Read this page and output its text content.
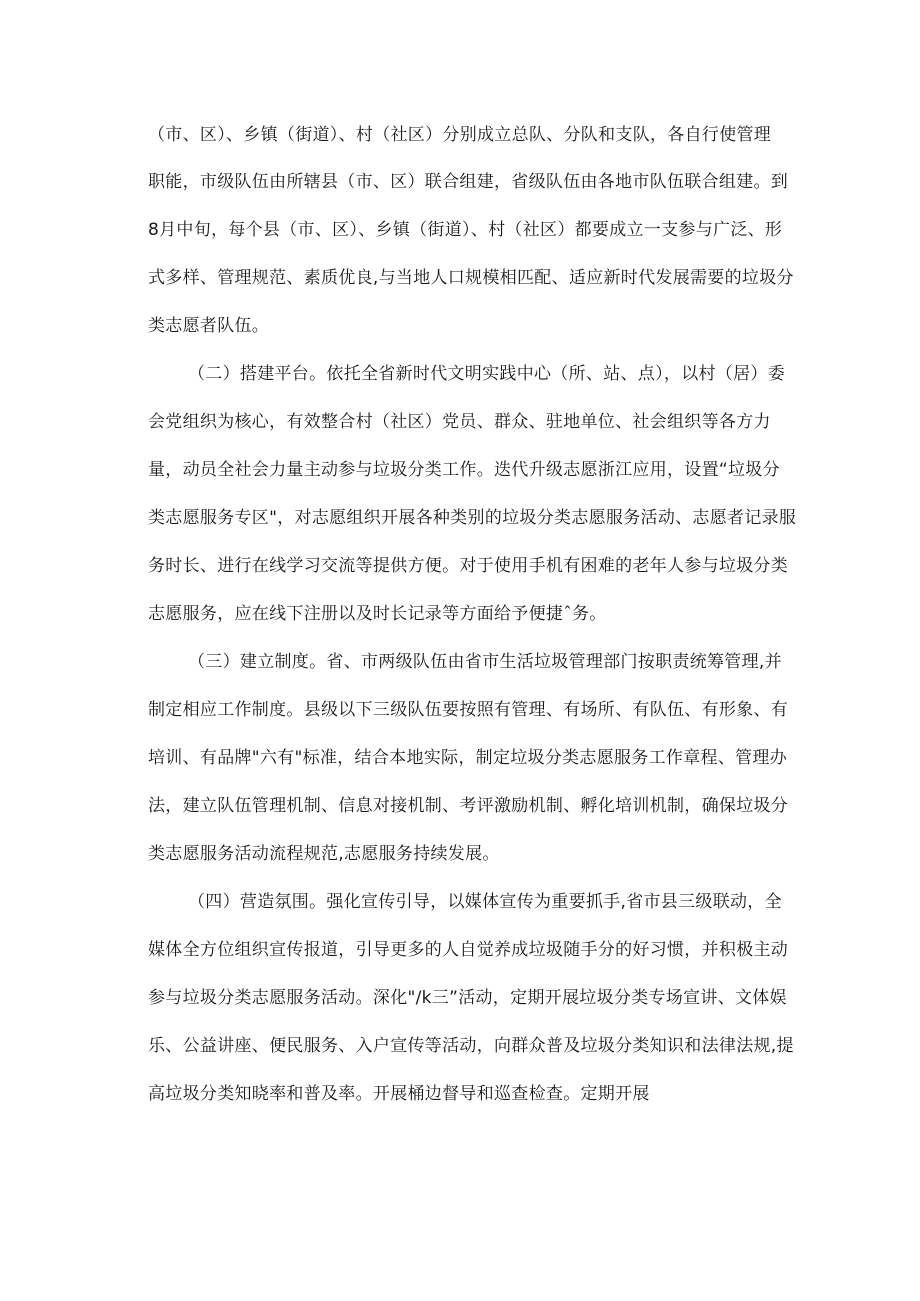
（市、区）、乡镇（街道）、村（社区）分别成立总队、分队和支队，各自行使管理
职能，市级队伍由所辖县（市、区）联合组建，省级队伍由各地市队伍联合组建。到
8月中旬，每个县（市、区）、乡镇（街道）、村（社区）都要成立一支参与广泛、形
式多样、管理规范、素质优良,与当地人口规模相匹配、适应新时代发展需要的垃圾分
类志愿者队伍。
（二）搭建平台。依托全省新时代文明实践中心（所、站、点），以村（居）委
会党组织为核心，有效整合村（社区）党员、群众、驻地单位、社会组织等各方力
量，动员全社会力量主动参与垃圾分类工作。迭代升级志愿浙江应用，设置“垃圾分
类志愿服务专区"，对志愿组织开展各种类别的垃圾分类志愿服务活动、志愿者记录服
务时长、进行在线学习交流等提供方便。对于使用手机有困难的老年人参与垃圾分类
志愿服务，应在线下注册以及时长记录等方面给予便捷ˆ务。
（三）建立制度。省、市两级队伍由省市生活垃圾管理部门按职责统筹管理,并
制定相应工作制度。县级以下三级队伍要按照有管理、有场所、有队伍、有形象、有
培训、有品牌"六有"标准，结合本地实际，制定垃圾分类志愿服务工作章程、管理办
法，建立队伍管理机制、信息对接机制、考评激励机制、孵化培训机制，确保垃圾分
类志愿服务活动流程规范,志愿服务持续发展。
（四）营造氛围。强化宣传引导，以媒体宣传为重要抓手,省市县三级联动，全
媒体全方位组织宣传报道，引导更多的人自觉养成垃圾随手分的好习惯，并积极主动
参与垃圾分类志愿服务活动。深化"/k三”活动，定期开展垃圾分类专场宣讲、文体娱
乐、公益讲座、便民服务、入户宣传等活动，向群众普及垃圾分类知识和法律法规,提
高垃圾分类知晓率和普及率。开展桶边督导和巡查检查。定期开展
